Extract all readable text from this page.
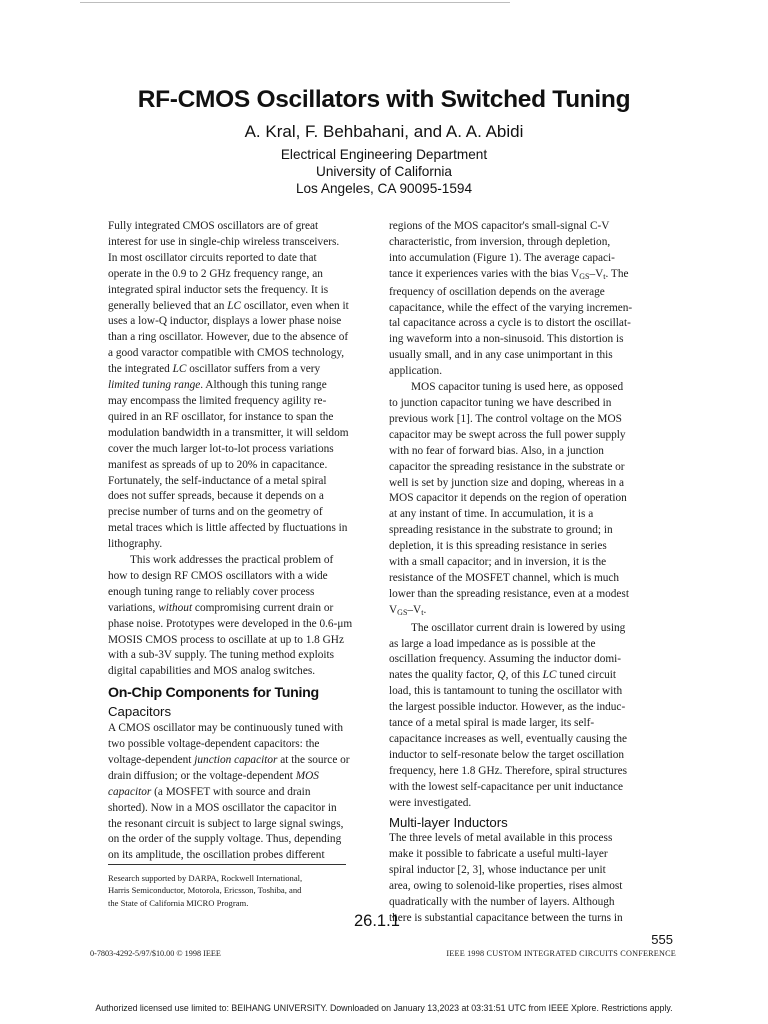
RF-CMOS Oscillators with Switched Tuning
A. Kral, F. Behbahani, and A. A. Abidi
Electrical Engineering Department
University of California
Los Angeles, CA 90095-1594

Fully integrated CMOS oscillators are of great
interest for use in single-chip wireless transceivers.
In most oscillator circuits reported to date that
operate in the 0.9 to 2 GHz frequency range, an
integrated spiral inductor sets the frequency. It is
generally believed that an LC oscillator, even when it
uses a low-Q inductor, displays a lower phase noise
than a ring oscillator. However, due to the absence of
a good varactor compatible with CMOS technology,
the integrated LC oscillator suffers from a very
limited tuning range. Although this tuning range
may encompass the limited frequency agility re-
quired in an RF oscillator, for instance to span the
modulation bandwidth in a transmitter, it will seldom
cover the much larger lot-to-lot process variations
manifest as spreads of up to 20% in capacitance.
Fortunately, the self-inductance of a metal spiral
does not suffer spreads, because it depends on a
precise number of turns and on the geometry of
metal traces which is little affected by fluctuations in
lithography.

This work addresses the practical problem of
how to design RF CMOS oscillators with a wide
enough tuning range to reliably cover process
variations, without compromising current drain or
phase noise. Prototypes were developed in the 0.6-μm
MOSIS CMOS process to oscillate at up to 1.8 GHz
with a sub-3V supply. The tuning method exploits
digital capabilities and MOS analog switches.

On-Chip Components for Tuning
Capacitors

A CMOS oscillator may be continuously tuned with
two possible voltage-dependent capacitors: the
voltage-dependent junction capacitor at the source or
drain diffusion; or the voltage-dependent MOS
capacitor (a MOSFET with source and drain
shorted). Now in a MOS oscillator the capacitor in
the resonant circuit is subject to large signal swings,
on the order of the supply voltage. Thus, depending
on its amplitude, the oscillation probes different

regions of the MOS capacitor's small-signal C-V
characteristic, from inversion, through depletion,
into accumulation (Figure 1). The average capaci-
tance it experiences varies with the bias $V_{GS}-V_t$. The
frequency of oscillation depends on the average
capacitance, while the effect of the varying incremen-
tal capacitance across a cycle is to distort the oscillat-
ing waveform into a non-sinusoid. This distortion is
usually small, and in any case unimportant in this
application.

MOS capacitor tuning is used here, as opposed
to junction capacitor tuning we have described in
previous work [1]. The control voltage on the MOS
capacitor may be swept across the full power supply
with no fear of forward bias. Also, in a junction
capacitor the spreading resistance in the substrate or
well is set by junction size and doping, whereas in a
MOS capacitor it depends on the region of operation
at any instant of time. In accumulation, it is a
spreading resistance in the substrate to ground; in
depletion, it is this spreading resistance in series
with a small capacitor; and in inversion, it is the
resistance of the MOSFET channel, which is much
lower than the spreading resistance, even at a modest
$V_{GS}-V_t$.

The oscillator current drain is lowered by using
as large a load impedance as is possible at the
oscillation frequency. Assuming the inductor domi-
nates the quality factor, Q, of this LC tuned circuit
load, this is tantamount to tuning the oscillator with
the largest possible inductor. However, as the induc-
tance of a metal spiral is made larger, its self-
capacitance increases as well, eventually causing the
inductor to self-resonate below the target oscillation
frequency, here 1.8 GHz. Therefore, spiral structures
with the lowest self-capacitance per unit inductance
were investigated.

Multi-layer Inductors

The three levels of metal available in this process
make it possible to fabricate a useful multi-layer
spiral inductor [2, 3], whose inductance per unit
area, owing to solenoid-like properties, rises almost
quadratically with the number of layers. Although
there is substantial capacitance between the turns in

Research supported by DARPA, Rockwell International,
Harris Semiconductor, Motorola, Ericsson, Toshiba, and
the State of California MICRO Program.
26.1.1
555
0-7803-4292-5/97/$10.00 © 1998 IEEE	IEEE 1998 CUSTOM INTEGRATED CIRCUITS CONFERENCE
Authorized licensed use limited to: BEIHANG UNIVERSITY. Downloaded on January 13,2023 at 03:31:51 UTC from IEEE Xplore. Restrictions apply.
